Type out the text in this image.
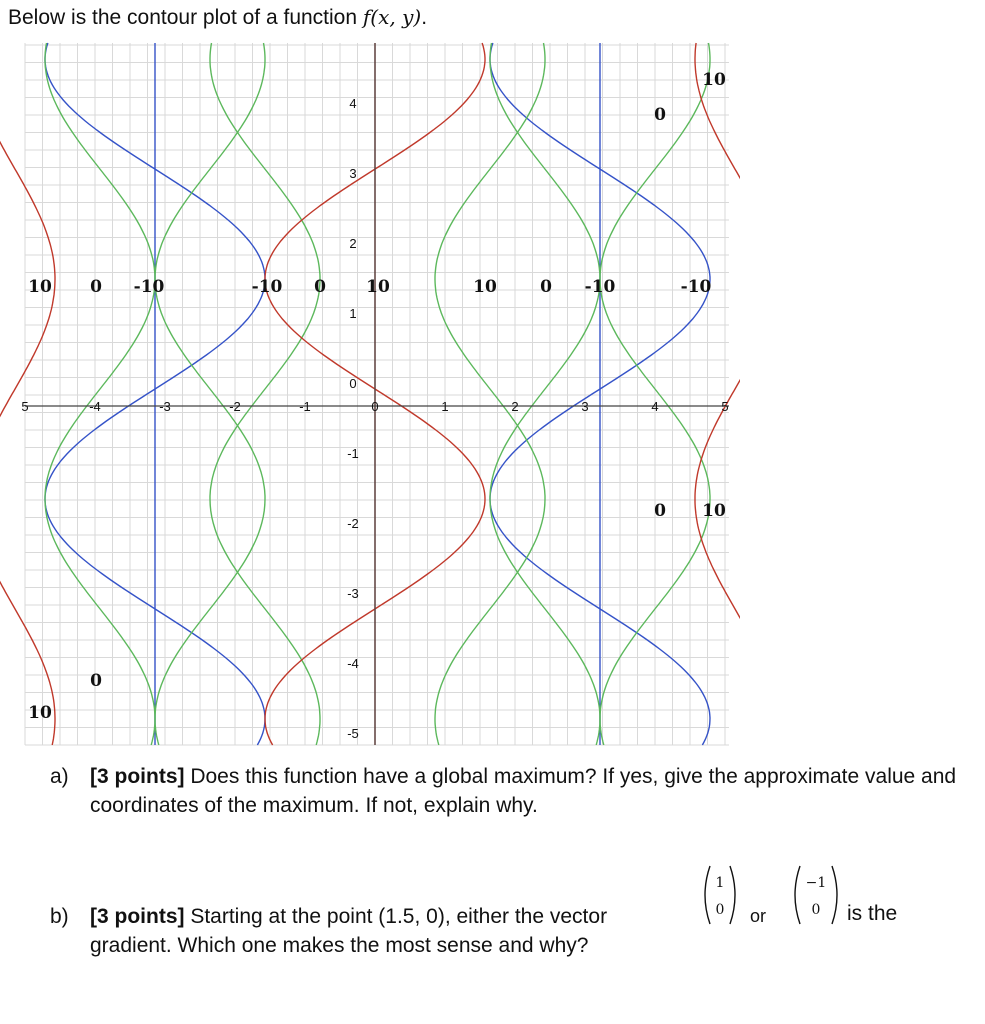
Below is the contour plot of a function f(x, y).
5	-4	-3	-2	-1	0	1	2	3	4	5
4
3
2
1
0
-1
-2
-3
-4
-5
10 0 -10	-10 0 10	10	0 -10	-10
10
0
0 10
0
10
a) [3 points] Does this function have a global maximum? If yes, give the approximate value and coordinates of the maximum. If not, explain why.
b) [3 points] Starting at the point (1.5, 0), either the vector
gradient. Which one makes the most sense and why?
1
0 or
−1
0 is the
